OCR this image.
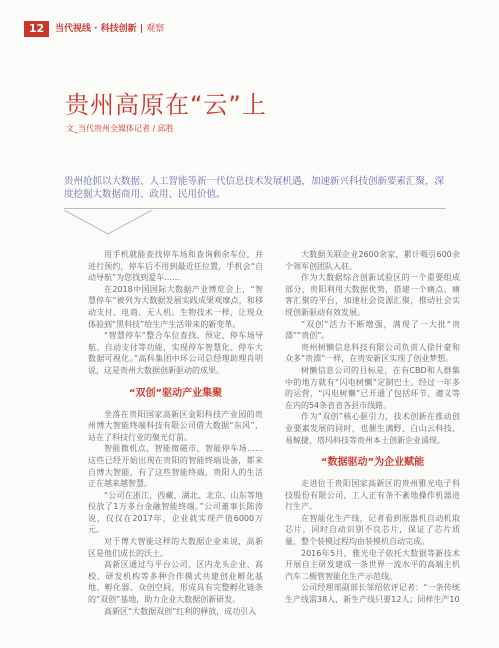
12	当代视线 · 科技创新 | 观察
贵州高原在“云”上
文_当代贵州全媒体记者 / 邱胜
贵州抢抓以大数据、人工智能等新一代信息技术发展机遇，加速新兴科技创新要素汇聚，深度挖掘大数据商用、政用、民用价值。

用手机就能查找停车场和查询剩余车位，并进行预约，停车后不用到最近任位置，手机会“自动导航”为您找到爱车……

在2018中国国际大数据产业博览会上，“智慧停车”被列为大数据发展实践成果观摩点，和移动支付、电商、无人机、生物技术一样，让现众体验到“黑科技”给生产生活带来的新变革。

“智慧停车”整合车位查找、预定、停车场导航、自动支付等功能，实现停车智慧化、停车大数据可视化。”高科集团中环公司总经理助理肖明说，这是贵州大数据创新驱动的成果。

“双创”驱动产业集聚

坐落在贵阳国家高新区金阳科技产业园的贵州博大智能终端科技有限公司借大数据“东风”，站在了科技行业的聚光灯前。

智能微机点、智能微磁市、智能停车场……这些已经开始出现在贵阳的智能终端设备，都来自博大智能，有了这些智能终端，贵阳人的生活正在越来越智慧。

“公司在浙江、西藏、湖北、北京、山东等地投放了1万多台金融智能终端。”公司董事长陈涛说，仅仅在2017年，企业就实现产值6000万元。

对于博大智能这样的大数据企业来说，高新区是他们成长的沃土。

高新区通过与平台公司、区内龙头企业、高校、研发机构等多种合作模式共建创业孵化基地、孵化器、众创空间，形成具有完整孵化链条的“双创”基地，助力企业大数据创新研发。

高新区“大数据双创”红利的释放，成功引入

大数据关联企业2600余家，累计吸引600余个领军创团队入驻。

作为大数据综合创新试验区的一个重要组成部分，贵阳利用大数据优势，搭建一个痛点、痛客汇聚的平台，加速社会资源汇聚，推动社会实现创新驱动有效发展。

“双创”活力不断增强，满现了一大批“贵漂”“贵创”。

贵州树懒信息科技有限公司负责人徐什豪和众多“贵漂”一样，在贵安新区实现了创业梦想。

树懒信息公司的目标是，在有CBD和人群集中的地方就有“闪电树懒”定制巴士。经过一年多的运营，“闪电树懒”已开通了包括环节、遵义等在内的54条省省各县市线路。

作为“双创”核心驱引力，技术创新在推动创业要素发展的同时，也催生满野、白山云科技、易鲸捷、塔玛科技等贵州本土创新企业涌现。

“数据驱动”为企业赋能

走进位于贵阳国家高新区的贵州雅光电子科技股份有限公司，工人正有条不紊地操作机器进行生产。

在智能化生产线，记者看到原器机自动机取芯片，同时自动识别不良芯片，保证了芯片质量，整个装模过程均由装模机自动完成。

2016年5月，雅光电子依托大数据等新技术开展自主研发建成一条世界一流水平的高端主机汽车二极管智能化生产示范线。

公司经理部副部长邹绍依评记者：“一条传统生产线需38人，新生产线只要12人；同样生产10
